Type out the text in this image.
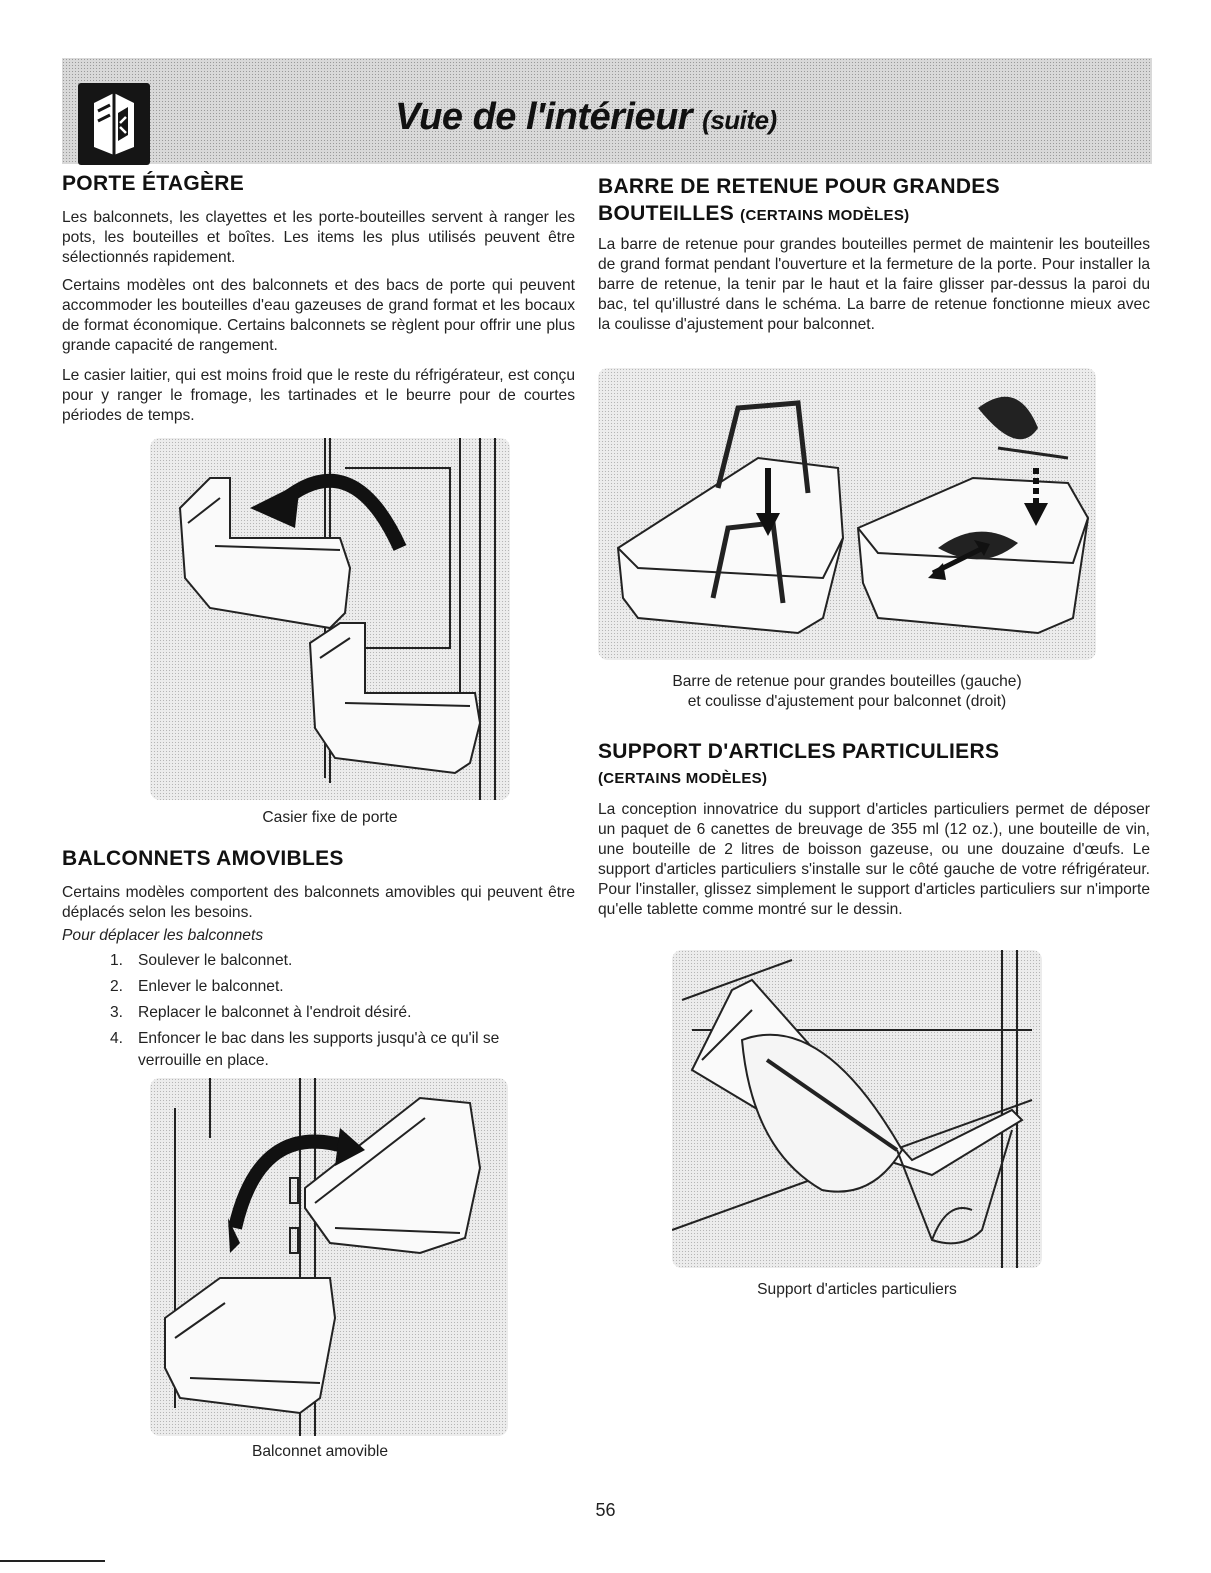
Vue de l'intérieur (suite)
PORTE ÉTAGÈRE
Les balconnets, les clayettes et les porte-bouteilles servent à ranger les pots, les bouteilles et boîtes. Les items les plus utilisés peuvent être sélectionnés rapidement.
Certains modèles ont des balconnets et des bacs de porte qui peuvent accommoder les bouteilles d'eau gazeuses de grand format et les bocaux de format économique. Certains balconnets se règlent pour offrir une plus grande capacité de rangement.
Le casier laitier, qui est moins froid que le reste du réfrigérateur, est conçu pour y ranger le fromage, les tartinades et le beurre pour de courtes périodes de temps.
Casier fixe de porte
BALCONNETS AMOVIBLES
Certains modèles comportent des balconnets amovibles qui peuvent être déplacés selon les besoins.
Pour déplacer les balconnets
1. Soulever le balconnet.
2. Enlever le balconnet.
3. Replacer le balconnet à l'endroit désiré.
4. Enfoncer le bac dans les supports jusqu'à ce qu'il se
verrouille en place.
Balconnet amovible
BARRE DE RETENUE POUR GRANDES
BOUTEILLES (CERTAINS MODÈLES)
La barre de retenue pour grandes bouteilles permet de maintenir les bouteilles de grand format pendant l'ouverture et la fermeture de la porte. Pour installer la barre de retenue, la tenir par le haut et la faire glisser par-dessus la paroi du bac, tel qu'illustré dans le schéma. La barre de retenue fonctionne mieux avec la coulisse d'ajustement pour balconnet.
Barre de retenue pour grandes bouteilles (gauche)
et coulisse d'ajustement pour balconnet (droit)
SUPPORT D'ARTICLES PARTICULIERS
(CERTAINS MODÈLES)
La conception innovatrice du support d'articles particuliers permet de déposer un paquet de 6 canettes de breuvage de 355 ml (12 oz.), une bouteille de vin, une bouteille de 2 litres de boisson gazeuse, ou une douzaine d'œufs. Le support d'articles particuliers s'installe sur le côté gauche de votre réfrigérateur. Pour l'installer, glissez simplement le support d'articles particuliers sur n'importe qu'elle tablette comme montré sur le dessin.
Support d'articles particuliers
56
